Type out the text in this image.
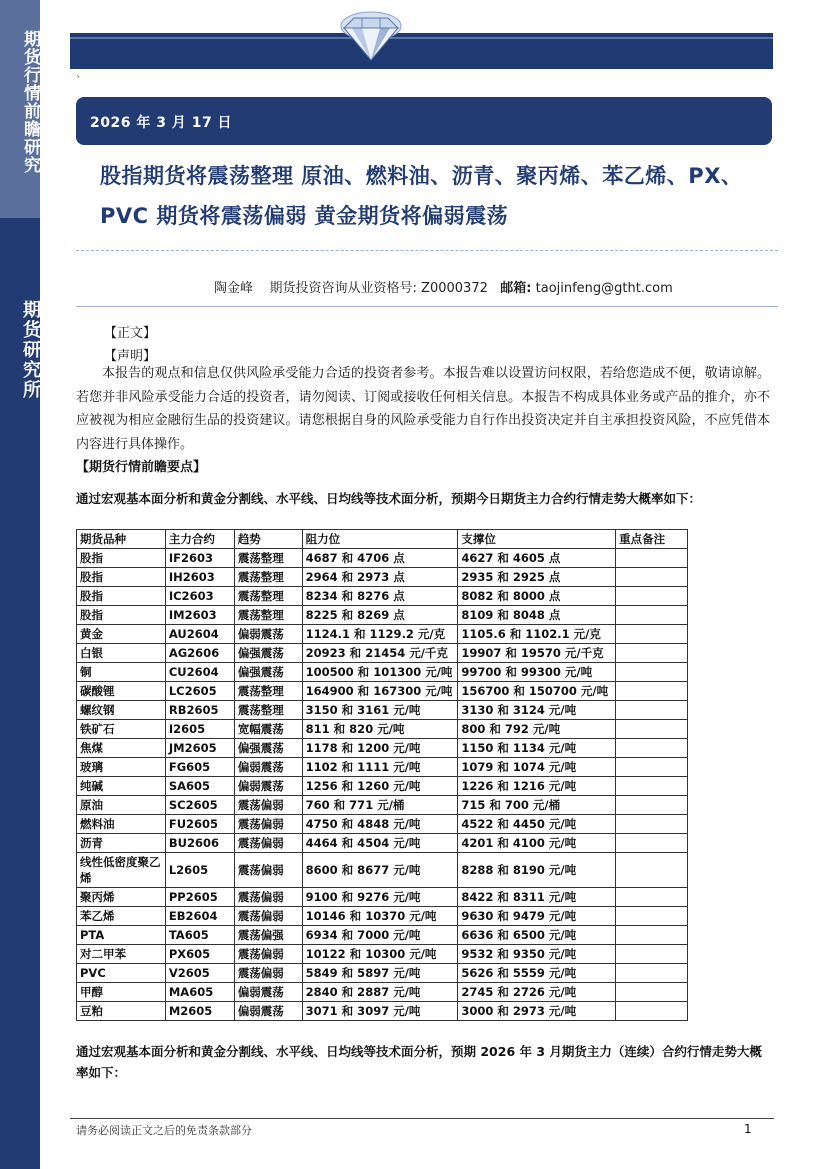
期货行情前瞻研究
期货研究所
`
2026 年 3 月 17 日
股指期货将震荡整理 原油、燃料油、沥青、聚丙烯、苯乙烯、PX、PVC 期货将震荡偏弱 黄金期货将偏弱震荡
陶金峰 期货投资咨询从业资格号: Z0000372 邮箱: taojinfeng@gtht.com
【正文】
【声明】
本报告的观点和信息仅供风险承受能力合适的投资者参考。本报告难以设置访问权限，若给您造成不便，敬请谅解。若您并非风险承受能力合适的投资者，请勿阅读、订阅或接收任何相关信息。本报告不构成具体业务或产品的推介，亦不应被视为相应金融衍生品的投资建议。请您根据自身的风险承受能力自行作出投资决定并自主承担投资风险，不应凭借本内容进行具体操作。
【期货行情前瞻要点】
通过宏观基本面分析和黄金分割线、水平线、日均线等技术面分析，预期今日期货主力合约行情走势大概率如下：
期货品种	主力合约	趋势	阻力位	支撑位	重点备注
股指	IF2603	震荡整理	4687 和 4706 点	4627 和 4605 点	
股指	IH2603	震荡整理	2964 和 2973 点	2935 和 2925 点	
股指	IC2603	震荡整理	8234 和 8276 点	8082 和 8000 点	
股指	IM2603	震荡整理	8225 和 8269 点	8109 和 8048 点	
黄金	AU2604	偏弱震荡	1124.1 和 1129.2 元/克	1105.6 和 1102.1 元/克	
白银	AG2606	偏强震荡	20923 和 21454 元/千克	19907 和 19570 元/千克	
铜	CU2604	偏强震荡	100500 和 101300 元/吨	99700 和 99300 元/吨	
碳酸锂	LC2605	震荡整理	164900 和 167300 元/吨	156700 和 150700 元/吨	
螺纹钢	RB2605	震荡整理	3150 和 3161 元/吨	3130 和 3124 元/吨	
铁矿石	I2605	宽幅震荡	811 和 820 元/吨	800 和 792 元/吨	
焦煤	JM2605	偏强震荡	1178 和 1200 元/吨	1150 和 1134 元/吨	
玻璃	FG605	偏弱震荡	1102 和 1111 元/吨	1079 和 1074 元/吨	
纯碱	SA605	偏弱震荡	1256 和 1260 元/吨	1226 和 1216 元/吨	
原油	SC2605	震荡偏弱	760 和 771 元/桶	715 和 700 元/桶	
燃料油	FU2605	震荡偏弱	4750 和 4848 元/吨	4522 和 4450 元/吨	
沥青	BU2606	震荡偏弱	4464 和 4504 元/吨	4201 和 4100 元/吨	
线性低密度聚乙烯	L2605	震荡偏弱	8600 和 8677 元/吨	8288 和 8190 元/吨	
聚丙烯	PP2605	震荡偏弱	9100 和 9276 元/吨	8422 和 8311 元/吨	
苯乙烯	EB2604	震荡偏弱	10146 和 10370 元/吨	9630 和 9479 元/吨	
PTA	TA605	震荡偏强	6934 和 7000 元/吨	6636 和 6500 元/吨	
对二甲苯	PX605	震荡偏弱	10122 和 10300 元/吨	9532 和 9350 元/吨	
PVC	V2605	震荡偏弱	5849 和 5897 元/吨	5626 和 5559 元/吨	
甲醇	MA605	偏弱震荡	2840 和 2887 元/吨	2745 和 2726 元/吨	
豆粕	M2605	偏弱震荡	3071 和 3097 元/吨	3000 和 2973 元/吨	
通过宏观基本面分析和黄金分割线、水平线、日均线等技术面分析，预期 2026 年 3 月期货主力（连续）合约行情走势大概率如下：
请务必阅读正文之后的免责条款部分	1
